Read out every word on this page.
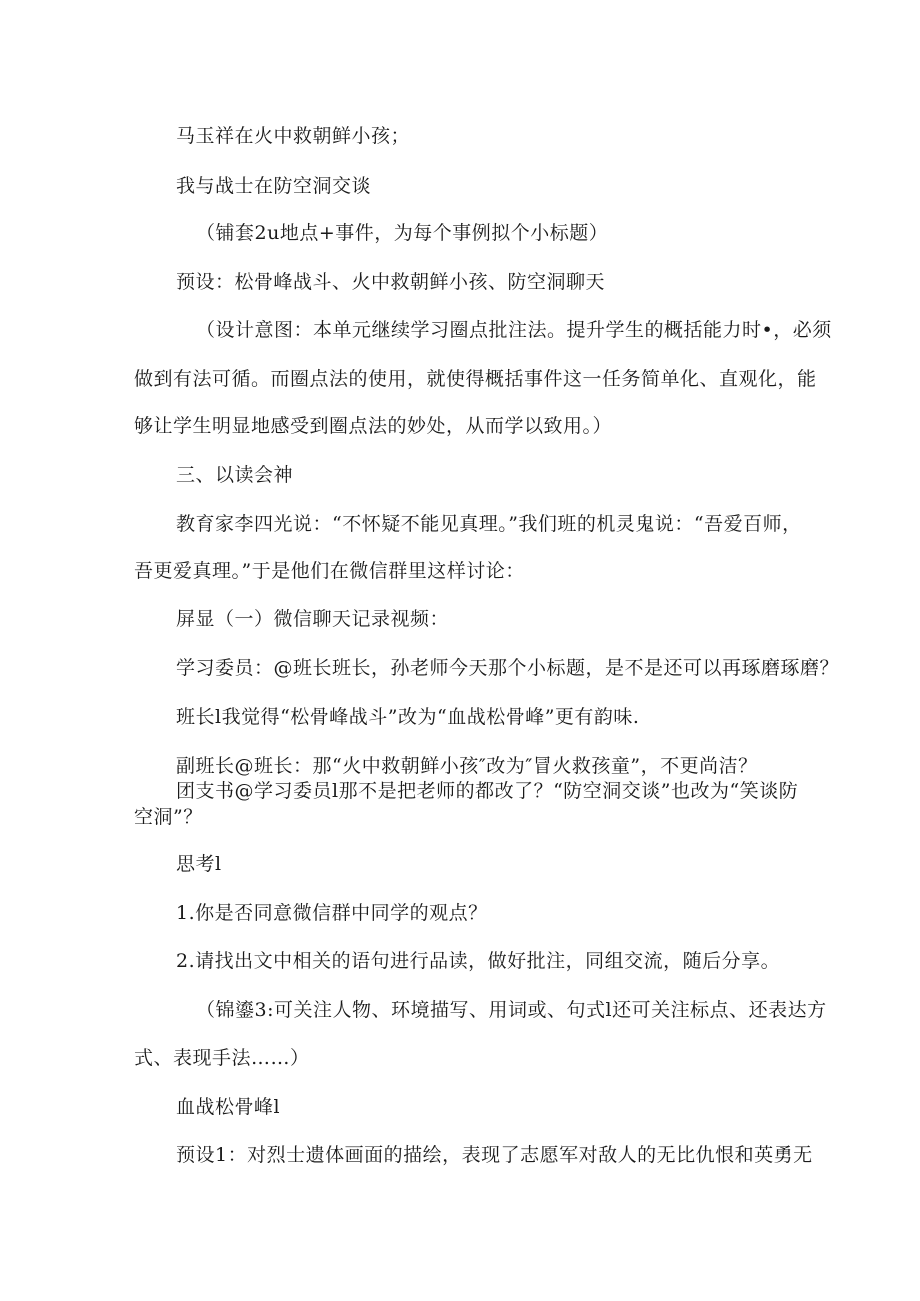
马玉祥在火中救朝鲜小孩；
我与战士在防空洞交谈
（铺套2u地点+事件，为每个事例拟个小标题）
预设：松骨峰战斗、火中救朝鲜小孩、防空洞聊天
（设计意图：本单元继续学习圈点批注法。提升学生的概括能力时•，必须
做到有法可循。而圈点法的使用，就使得概括事件这一任务简单化、直观化，能
够让学生明显地感受到圈点法的妙处，从而学以致用。）
三、以读会神
教育家李四光说：“不怀疑不能见真理。”我们班的机灵鬼说：“吾爱百师，
吾更爱真理。”于是他们在微信群里这样讨论：
屏显（一）微信聊天记录视频：
学习委员：@班长班长，孙老师今天那个小标题，是不是还可以再琢磨琢磨？
班长l我觉得“松骨峰战斗”改为“血战松骨峰”更有韵味.
副班长@班长：那“火中救朝鲜小孩″改为″冒火救孩童”，不更尚洁？
团支书@学习委员l那不是把老师的都改了？“防空洞交谈”也改为“笑谈防
空洞”？
思考l
1.你是否同意微信群中同学的观点？
2.请找出文中相关的语句进行品读，做好批注，同组交流，随后分享。
（锦鎏3:可关注人物、环境描写、用词或、句式l还可关注标点、还表达方
式、表现手法……）
血战松骨峰l
预设1：对烈士遗体画面的描绘，表现了志愿军对敌人的无比仇恨和英勇无
